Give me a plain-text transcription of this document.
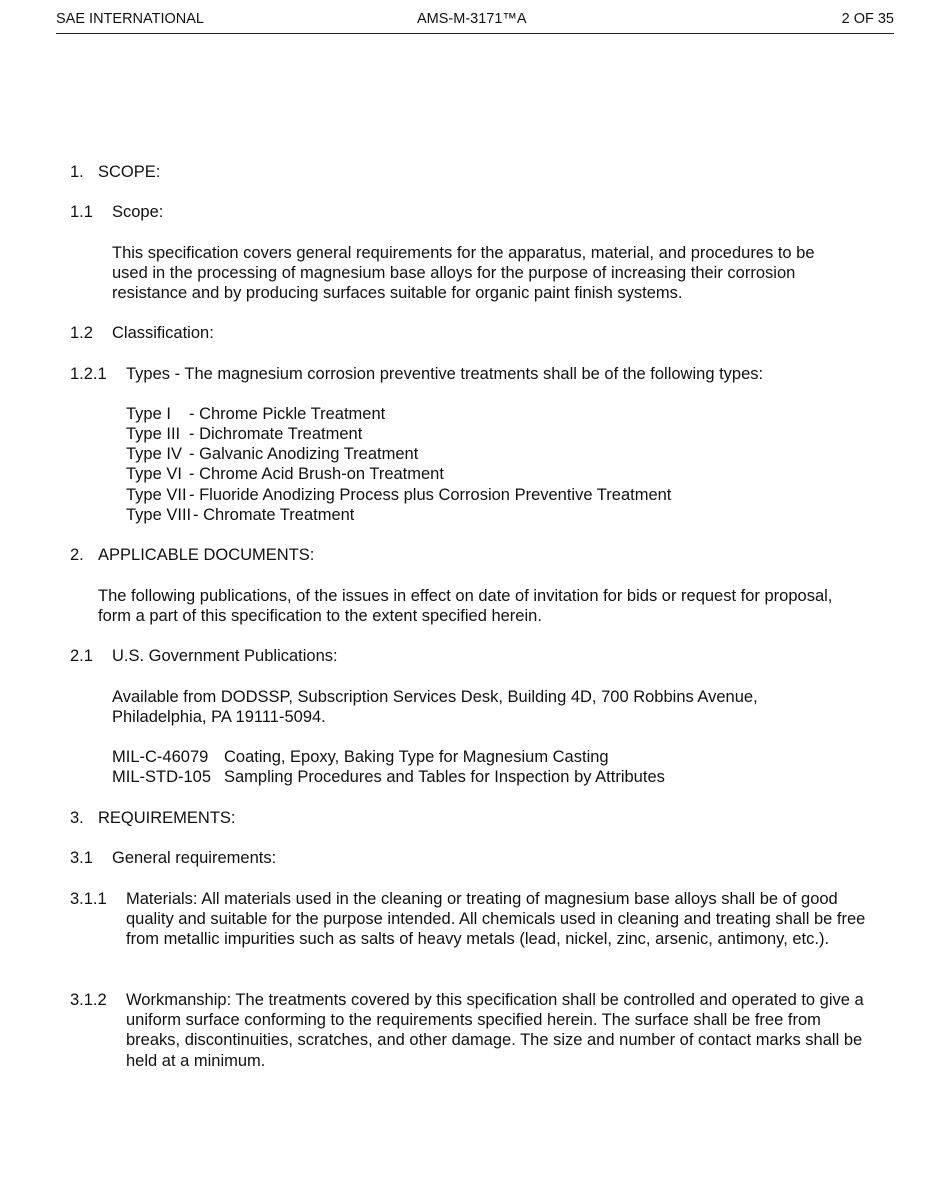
SAE INTERNATIONAL	AMS-M-3171™A	2 OF 35
1. SCOPE:
1.1 Scope:
This specification covers general requirements for the apparatus, material, and procedures to be used in the processing of magnesium base alloys for the purpose of increasing their corrosion resistance and by producing surfaces suitable for organic paint finish systems.
1.2 Classification:
1.2.1 Types - The magnesium corrosion preventive treatments shall be of the following types:
Type I - Chrome Pickle Treatment
Type III - Dichromate Treatment
Type IV - Galvanic Anodizing Treatment
Type VI - Chrome Acid Brush-on Treatment
Type VII - Fluoride Anodizing Process plus Corrosion Preventive Treatment
Type VIII - Chromate Treatment
2. APPLICABLE DOCUMENTS:
The following publications, of the issues in effect on date of invitation for bids or request for proposal, form a part of this specification to the extent specified herein.
2.1 U.S. Government Publications:
Available from DODSSP, Subscription Services Desk, Building 4D, 700 Robbins Avenue, Philadelphia, PA 19111-5094.
MIL-C-46079 Coating, Epoxy, Baking Type for Magnesium Casting
MIL-STD-105 Sampling Procedures and Tables for Inspection by Attributes
3. REQUIREMENTS:
3.1 General requirements:
3.1.1 Materials: All materials used in the cleaning or treating of magnesium base alloys shall be of good quality and suitable for the purpose intended. All chemicals used in cleaning and treating shall be free from metallic impurities such as salts of heavy metals (lead, nickel, zinc, arsenic, antimony, etc.).
3.1.2 Workmanship: The treatments covered by this specification shall be controlled and operated to give a uniform surface conforming to the requirements specified herein. The surface shall be free from breaks, discontinuities, scratches, and other damage. The size and number of contact marks shall be held at a minimum.
